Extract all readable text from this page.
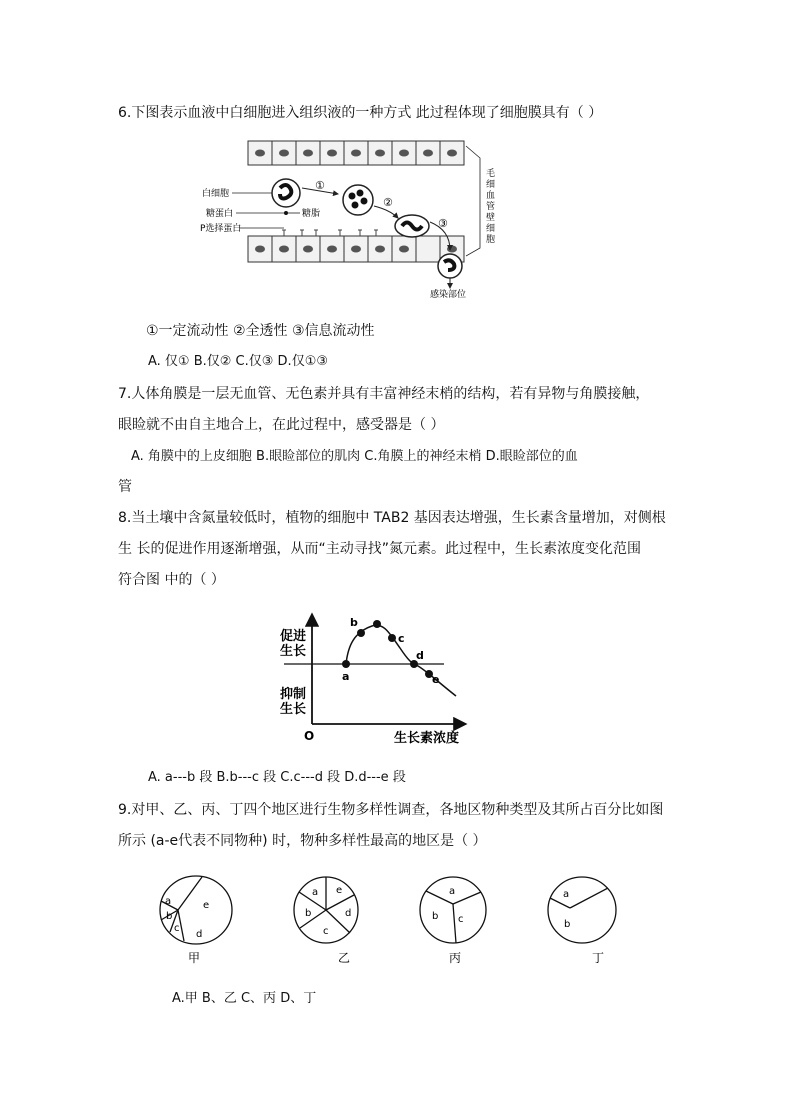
6.下图表示血液中白细胞进入组织液的一种方式 此过程体现了细胞膜具有（ ）
白细胞
糖蛋白	糖脂
P选择蛋白
①
②
③
感染部位
毛
细
血
管
壁
细
胞
①一定流动性 ②全透性 ③信息流动性
A. 仅① B.仅② C.仅③ D.仅①③
7.人体角膜是一层无血管、无色素并具有丰富神经末梢的结构，若有异物与角膜接触，
眼睑就不由自主地合上，在此过程中，感受器是（ ）
A. 角膜中的上皮细胞 B.眼睑部位的肌肉 C.角膜上的神经末梢 D.眼睑部位的血
管
8.当土壤中含氮量较低时，植物的细胞中 TAB2 基因表达增强，生长素含量增加，对侧根
生 长的促进作用逐渐增强，从而“主动寻找”氮元素。此过程中，生长素浓度变化范围
符合图 中的（ ）
a
b
c
d
e
促进
生长
抑制
生长
O	生长素浓度
A. a---b 段 B.b---c 段 C.c---d 段 D.d---e 段
9.对甲、乙、丙、丁四个地区进行生物多样性调查，各地区物种类型及其所占百分比如图
所示 (a-e代表不同物种) 时，物种多样性最高的地区是（ ）
a
b
c
d
e
甲
a e
b	d
c
乙
a
b c
丙
a
b
丁
A.甲 B、乙 C、丙 D、丁
